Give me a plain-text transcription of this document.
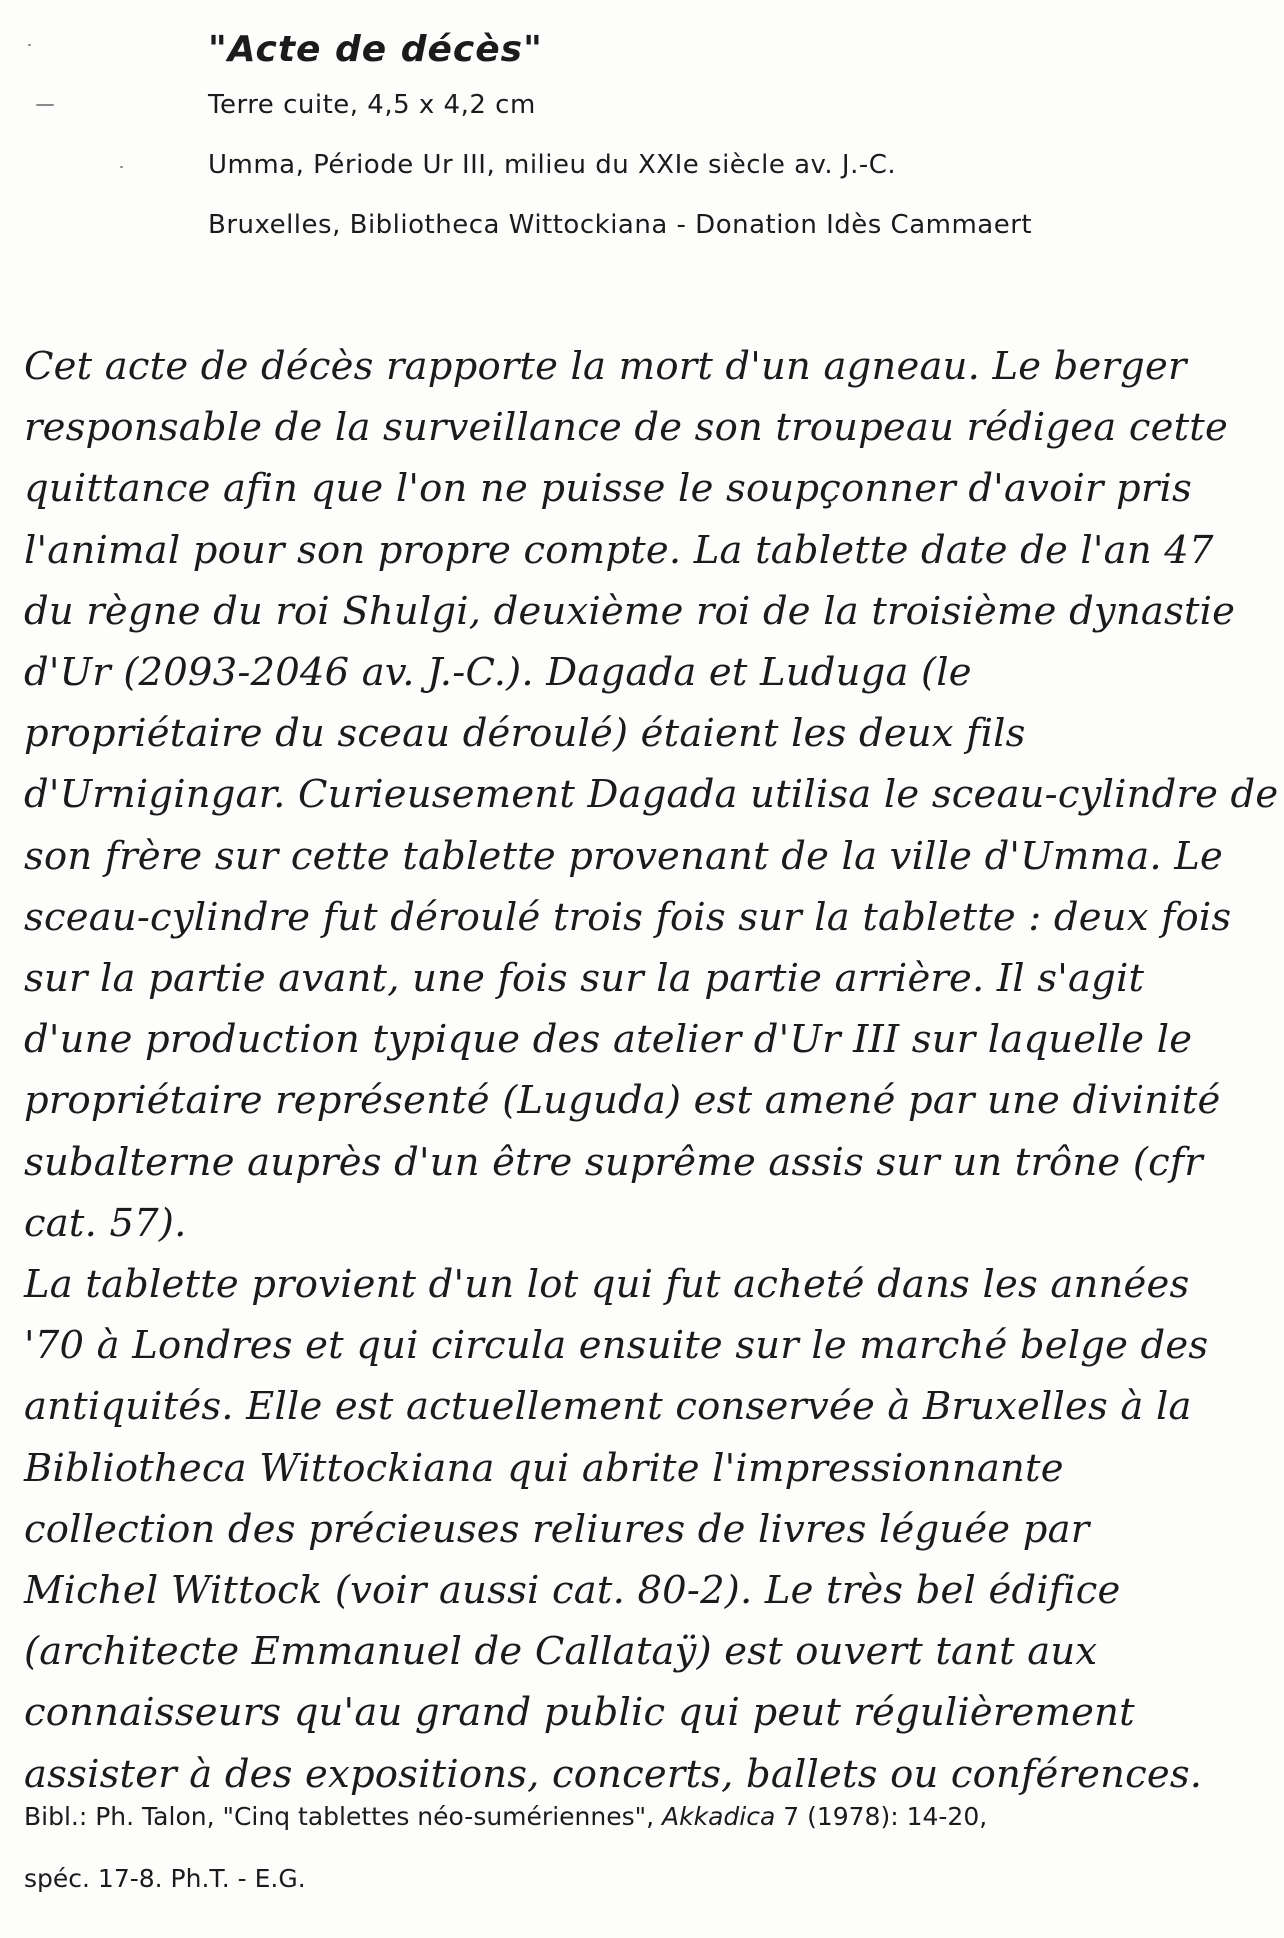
"Acte de décès"
Terre cuite, 4,5 x 4,2 cm
Umma, Période Ur III, milieu du XXIe siècle av. J.-C.
Bruxelles, Bibliotheca Wittockiana - Donation Idès Cammaert
Cet acte de décès rapporte la mort d'un agneau. Le berger
responsable de la surveillance de son troupeau rédigea cette
quittance afin que l'on ne puisse le soupçonner d'avoir pris
l'animal pour son propre compte. La tablette date de l'an 47
du règne du roi Shulgi, deuxième roi de la troisième dynastie
d'Ur (2093-2046 av. J.-C.). Dagada et Luduga (le
propriétaire du sceau déroulé) étaient les deux fils
d'Urnigingar. Curieusement Dagada utilisa le sceau-cylindre de
son frère sur cette tablette provenant de la ville d'Umma. Le
sceau-cylindre fut déroulé trois fois sur la tablette : deux fois
sur la partie avant, une fois sur la partie arrière. Il s'agit
d'une production typique des atelier d'Ur III sur laquelle le
propriétaire représenté (Luguda) est amené par une divinité
subalterne auprès d'un être suprême assis sur un trône (cfr
cat. 57).
La tablette provient d'un lot qui fut acheté dans les années
'70 à Londres et qui circula ensuite sur le marché belge des
antiquités. Elle est actuellement conservée à Bruxelles à la
Bibliotheca Wittockiana qui abrite l'impressionnante
collection des précieuses reliures de livres léguée par
Michel Wittock (voir aussi cat. 80-2). Le très bel édifice
(architecte Emmanuel de Callataÿ) est ouvert tant aux
connaisseurs qu'au grand public qui peut régulièrement
assister à des expositions, concerts, ballets ou conférences.
Bibl.: Ph. Talon, "Cinq tablettes néo-sumériennes", Akkadica 7 (1978): 14-20,
spéc. 17-8. Ph.T. - E.G.
